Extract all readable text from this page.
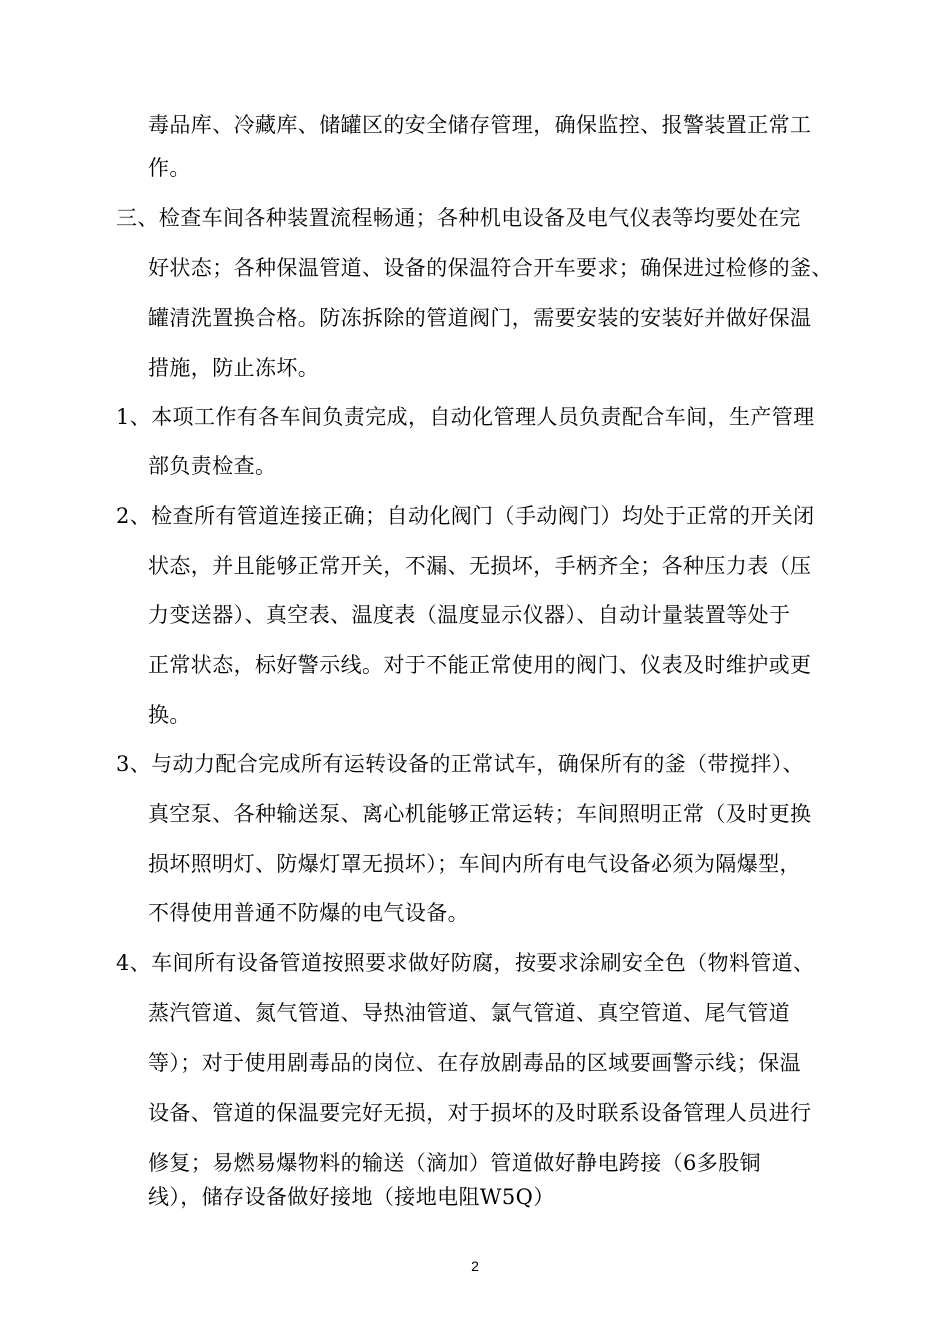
毒品库、冷藏库、储罐区的安全储存管理，确保监控、报警装置正常工
作。
三、检查车间各种装置流程畅通；各种机电设备及电气仪表等均要处在完
好状态；各种保温管道、设备的保温符合开车要求；确保进过检修的釜、
罐清洗置换合格。防冻拆除的管道阀门，需要安装的安装好并做好保温
措施，防止冻坏。
1、本项工作有各车间负责完成，自动化管理人员负责配合车间，生产管理
部负责检查。
2、检查所有管道连接正确；自动化阀门（手动阀门）均处于正常的开关闭
状态，并且能够正常开关，不漏、无损坏，手柄齐全；各种压力表（压
力变送器）、真空表、温度表（温度显示仪器）、自动计量装置等处于
正常状态，标好警示线。对于不能正常使用的阀门、仪表及时维护或更
换。
3、与动力配合完成所有运转设备的正常试车，确保所有的釜（带搅拌）、
真空泵、各种输送泵、离心机能够正常运转；车间照明正常（及时更换
损坏照明灯、防爆灯罩无损坏）；车间内所有电气设备必须为隔爆型，
不得使用普通不防爆的电气设备。
4、车间所有设备管道按照要求做好防腐，按要求涂刷安全色（物料管道、
蒸汽管道、氮气管道、导热油管道、氯气管道、真空管道、尾气管道
等）；对于使用剧毒品的岗位、在存放剧毒品的区域要画警示线；保温
设备、管道的保温要完好无损，对于损坏的及时联系设备管理人员进行
修复；易燃易爆物料的输送（滴加）管道做好静电跨接（6多股铜
线），储存设备做好接地（接地电阻W5Q）
2
